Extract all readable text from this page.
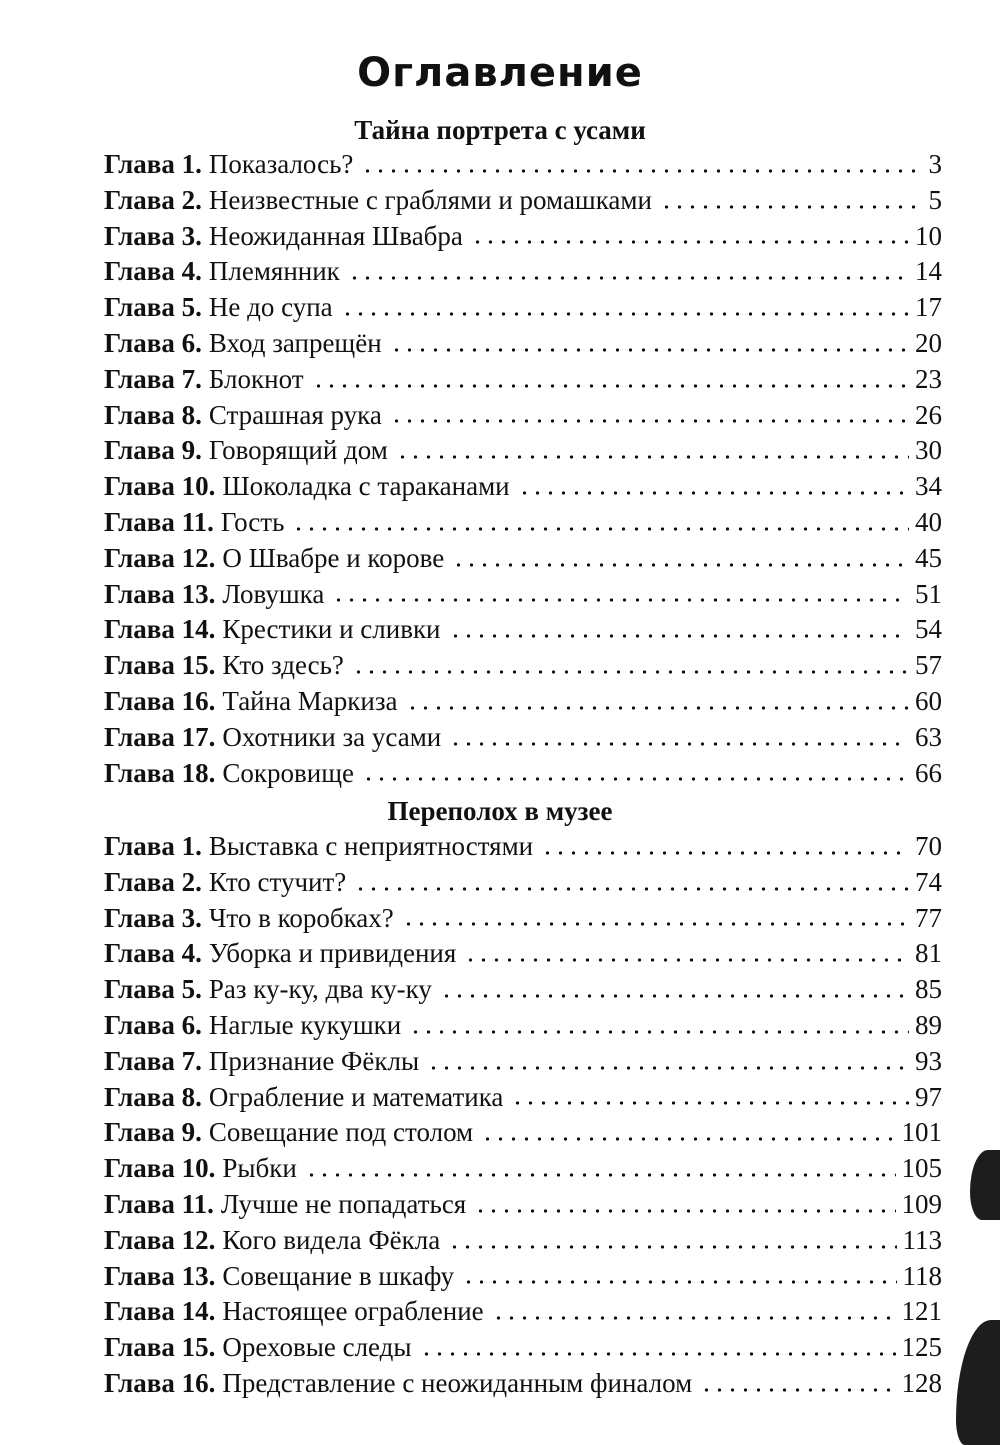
Оглавление
Тайна портрета с усами
Глава 1. Показалось?	3
Глава 2. Неизвестные с граблями и ромашками	5
Глава 3. Неожиданная Швабра	10
Глава 4. Племянник	14
Глава 5. Не до супа	17
Глава 6. Вход запрещён	20
Глава 7. Блокнот	23
Глава 8. Страшная рука	26
Глава 9. Говорящий дом	30
Глава 10. Шоколадка с тараканами	34
Глава 11. Гость	40
Глава 12. О Швабре и корове	45
Глава 13. Ловушка	51
Глава 14. Крестики и сливки	54
Глава 15. Кто здесь?	57
Глава 16. Тайна Маркиза	60
Глава 17. Охотники за усами	63
Глава 18. Сокровище	66
Переполох в музее
Глава 1. Выставка с неприятностями	70
Глава 2. Кто стучит?	74
Глава 3. Что в коробках?	77
Глава 4. Уборка и привидения	81
Глава 5. Раз ку-ку, два ку-ку	85
Глава 6. Наглые кукушки	89
Глава 7. Признание Фёклы	93
Глава 8. Ограбление и математика	97
Глава 9. Совещание под столом	101
Глава 10. Рыбки	105
Глава 11. Лучше не попадаться	109
Глава 12. Кого видела Фёкла	113
Глава 13. Совещание в шкафу	118
Глава 14. Настоящее ограбление	121
Глава 15. Ореховые следы	125
Глава 16. Представление с неожиданным финалом	128
